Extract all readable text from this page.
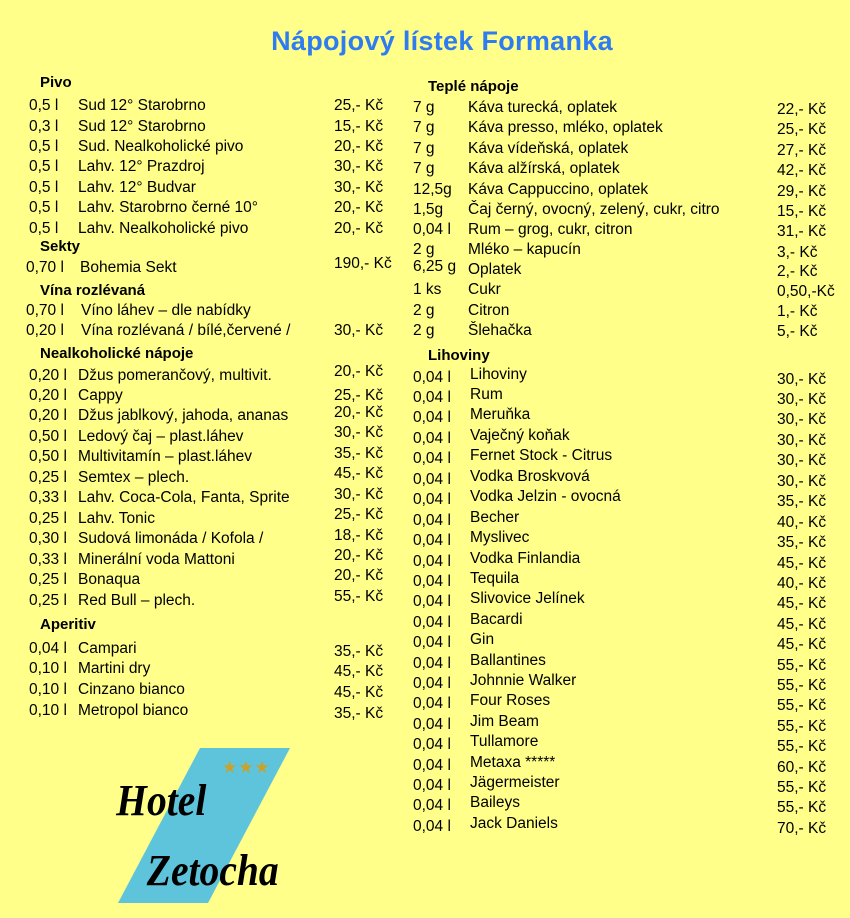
Nápojový lístek Formanka
Pivo
0,5 l Sud 12° Starobrno	25,- Kč
0,3 l Sud 12° Starobrno	15,- Kč
0,5 l Sud. Nealkoholické pivo	20,- Kč
0,5 l Lahv. 12° Prazdroj	30,- Kč
0,5 l Lahv. 12° Budvar	30,- Kč
0,5 l Lahv. Starobrno černé 10°	20,- Kč
0,5 l Lahv. Nealkoholické pivo	20,- Kč
Sekty
0,70 l Bohemia Sekt	190,- Kč
Vína rozlévaná
0,70 l Víno láhev – dle nabídky
0,20 l Vína rozlévaná / bílé,červené /	30,- Kč
Nealkoholické nápoje
0,20 l Džus pomerančový, multivit.	20,- Kč
0,20 l Cappy	25,- Kč
0,20 l Džus jablkový, jahoda, ananas	20,- Kč
0,50 l Ledový čaj – plast.láhev	30,- Kč
0,50 l Multivitamín – plast.láhev	35,- Kč
0,25 l Semtex – plech.	45,- Kč
0,33 l Lahv. Coca-Cola, Fanta, Sprite	30,- Kč
0,25 l Lahv. Tonic	25,- Kč
0,30 l Sudová limonáda / Kofola /	18,- Kč
0,33 l Minerální voda Mattoni	20,- Kč
0,25 l Bonaqua	20,- Kč
0,25 l Red Bull – plech.	55,- Kč
Aperitiv
0,04 l Campari	35,- Kč
0,10 l Martini dry	45,- Kč
0,10 l Cinzano bianco	45,- Kč
0,10 l Metropol bianco	35,- Kč
Teplé nápoje
7 g Káva turecká, oplatek	22,- Kč
7 g Káva presso, mléko, oplatek	25,- Kč
7 g Káva vídeňská, oplatek	27,- Kč
7 g Káva alžírská, oplatek	42,- Kč
12,5g Káva Cappuccino, oplatek	29,- Kč
1,5g Čaj černý, ovocný, zelený, cukr, citro	15,- Kč
0,04 l Rum – grog, cukr, citron	31,- Kč
2 g Mléko – kapucín	3,- Kč
6,25 g Oplatek	2,- Kč
1 ks Cukr	0,50,-Kč
2 g Citron	1,- Kč
2 g Šlehačka	5,- Kč
Lihoviny
0,04 l Lihoviny	30,- Kč
0,04 l Rum	30,- Kč
0,04 l Meruňka	30,- Kč
0,04 l Vaječný koňak	30,- Kč
0,04 l Fernet Stock - Citrus	30,- Kč
0,04 l Vodka Broskvová	30,- Kč
0,04 l Vodka Jelzin - ovocná	35,- Kč
0,04 l Becher	40,- Kč
0,04 l Myslivec	35,- Kč
0,04 l Vodka Finlandia	45,- Kč
0,04 l Tequila	40,- Kč
0,04 l Slivovice Jelínek	45,- Kč
0,04 l Bacardi	45,- Kč
0,04 l Gin	45,- Kč
0,04 l Ballantines	55,- Kč
0,04 l Johnnie Walker	55,- Kč
0,04 l Four Roses	55,- Kč
0,04 l Jim Beam	55,- Kč
0,04 l Tullamore	55,- Kč
0,04 l Metaxa *****	60,- Kč
0,04 l Jägermeister	55,- Kč
0,04 l Baileys	55,- Kč
0,04 l Jack Daniels	70,- Kč
★★★
Hotel
Zetocha
